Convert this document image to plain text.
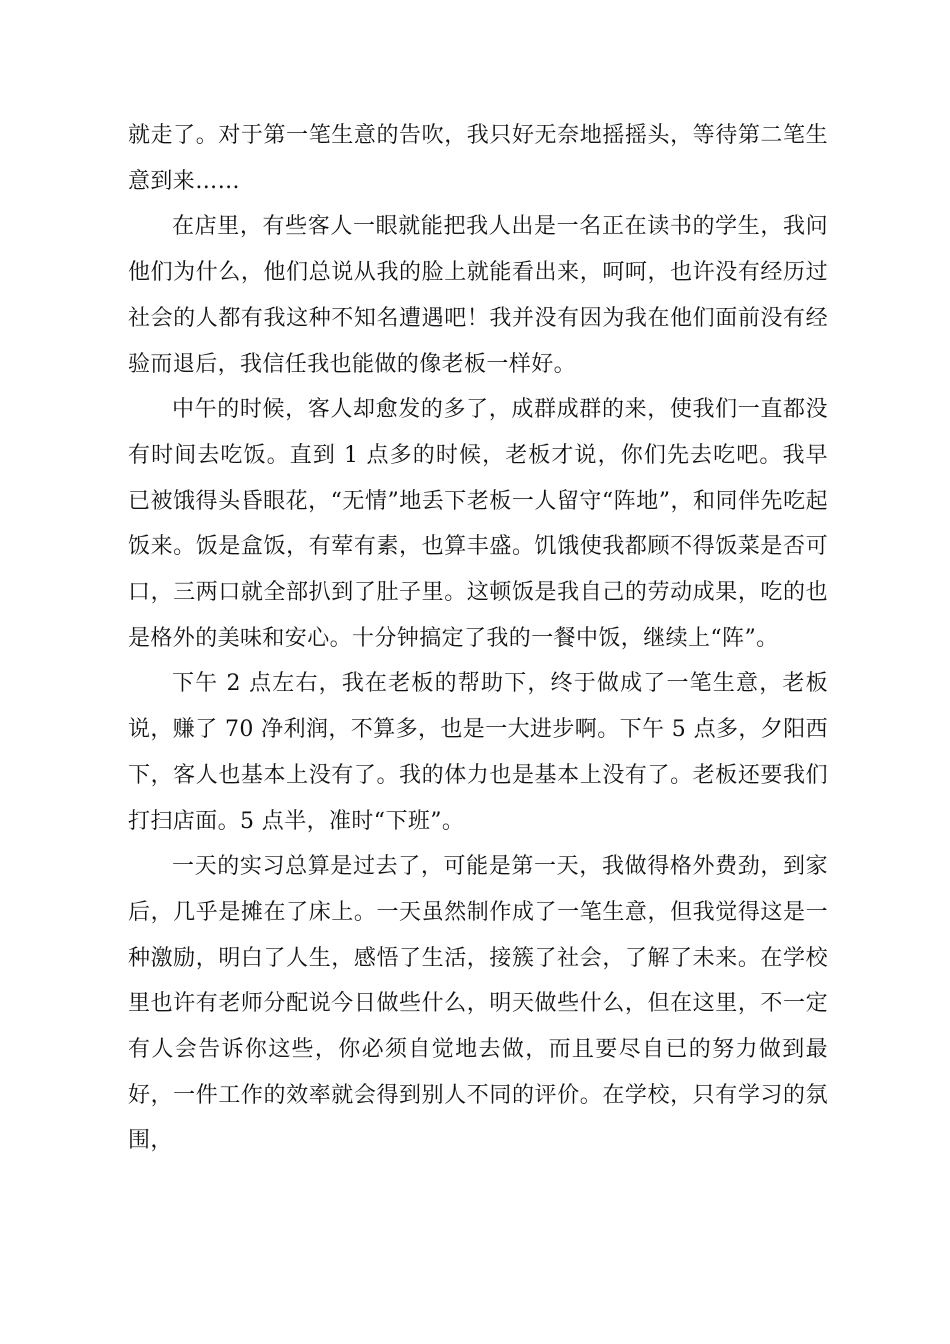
就走了。对于第一笔生意的告吹，我只好无奈地摇摇头，等待第二笔生意到来……

在店里，有些客人一眼就能把我人出是一名正在读书的学生，我问他们为什么，他们总说从我的脸上就能看出来，呵呵，也许没有经历过社会的人都有我这种不知名遭遇吧！我并没有因为我在他们面前没有经验而退后，我信任我也能做的像老板一样好。

中午的时候，客人却愈发的多了，成群成群的来，使我们一直都没有时间去吃饭。直到 1 点多的时候，老板才说，你们先去吃吧。我早已被饿得头昏眼花，“无情”地丢下老板一人留守“阵地”，和同伴先吃起饭来。饭是盒饭，有荤有素，也算丰盛。饥饿使我都顾不得饭菜是否可口，三两口就全部扒到了肚子里。这顿饭是我自己的劳动成果，吃的也是格外的美味和安心。十分钟搞定了我的一餐中饭，继续上“阵”。

下午 2 点左右，我在老板的帮助下，终于做成了一笔生意，老板说，赚了 70 净利润，不算多，也是一大进步啊。下午 5 点多，夕阳西下，客人也基本上没有了。我的体力也是基本上没有了。老板还要我们打扫店面。5 点半，准时“下班”。

一天的实习总算是过去了，可能是第一天，我做得格外费劲，到家后，几乎是摊在了床上。一天虽然制作成了一笔生意，但我觉得这是一种激励，明白了人生，感悟了生活，接簇了社会，了解了未来。在学校里也许有老师分配说今日做些什么，明天做些什么，但在这里，不一定有人会告诉你这些，你必须自觉地去做，而且要尽自已的努力做到最好，一件工作的效率就会得到别人不同的评价。在学校，只有学习的氛围，
